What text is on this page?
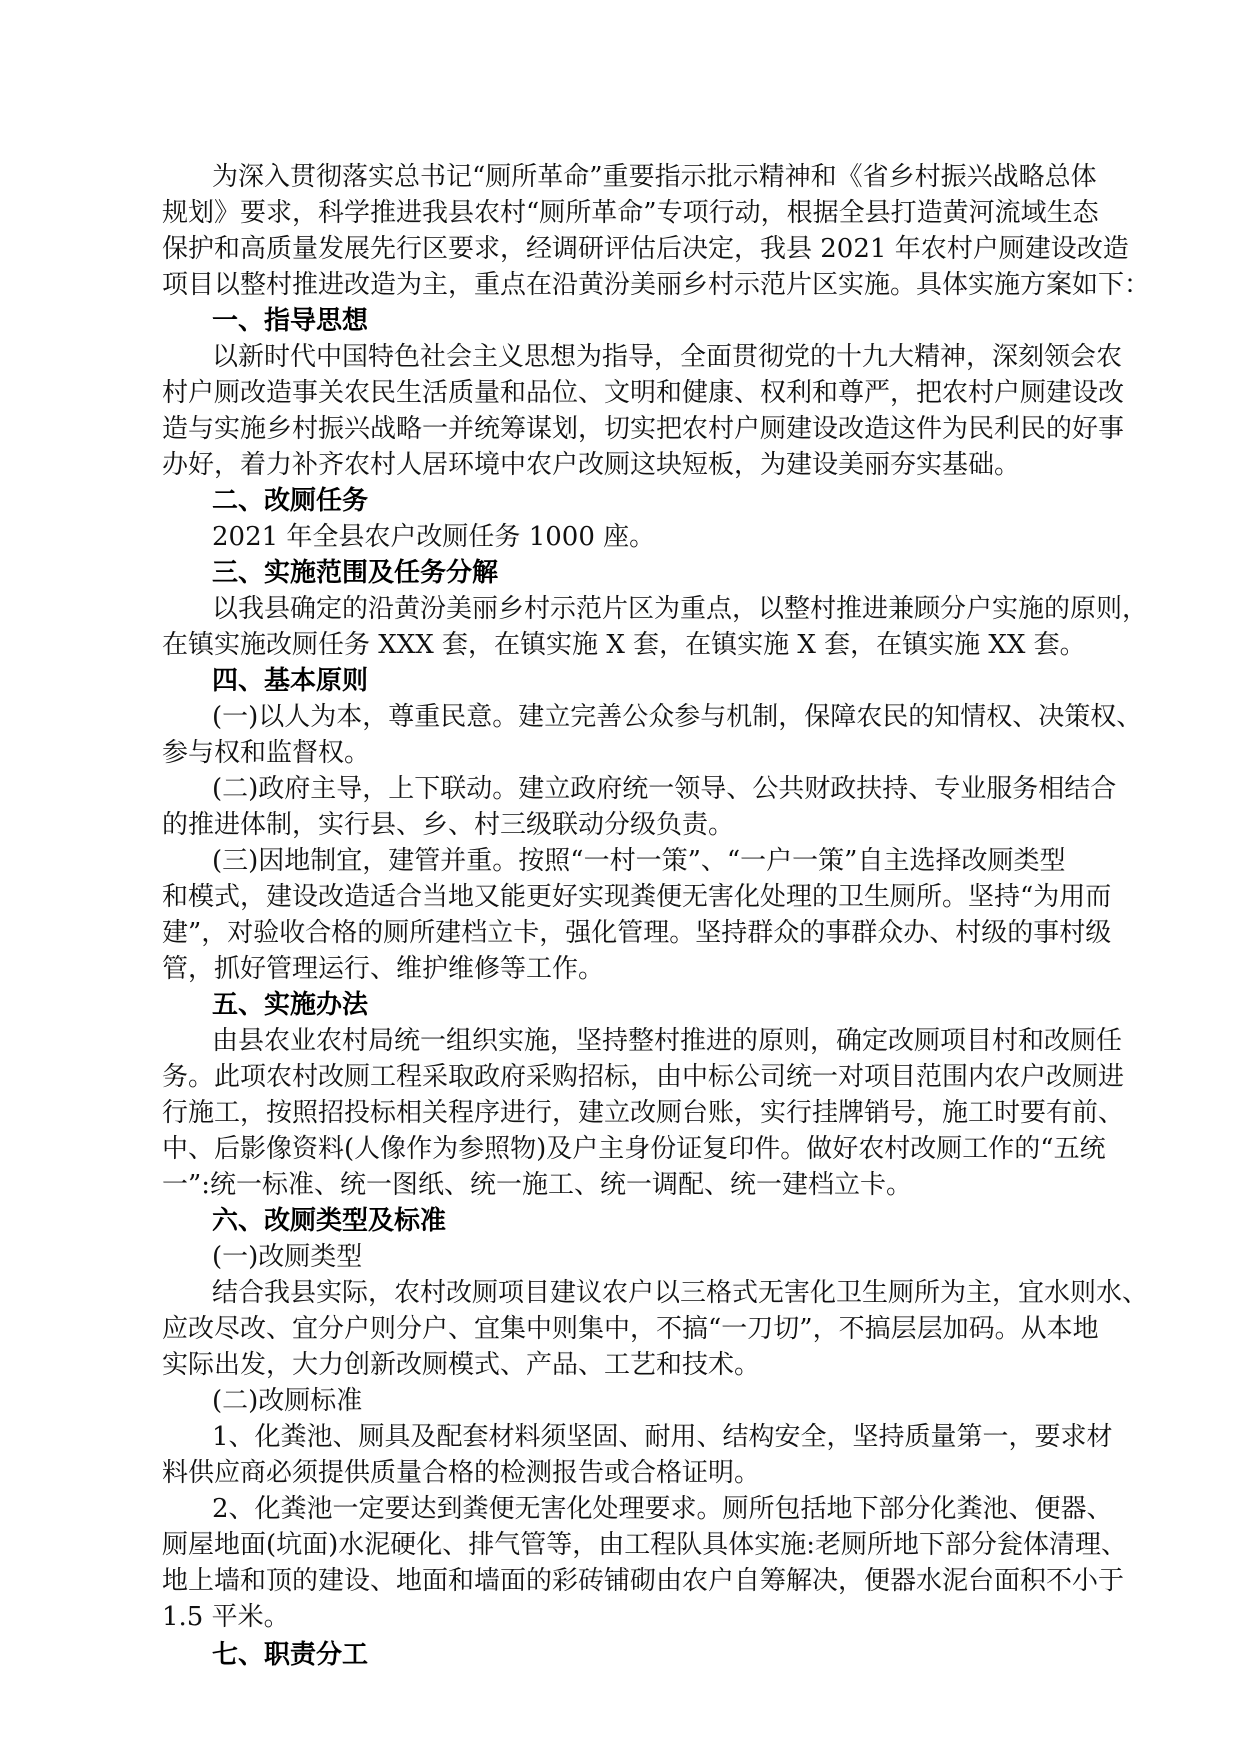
为深入贯彻落实总书记“厕所革命”重要指示批示精神和《省乡村振兴战略总体
规划》要求，科学推进我县农村“厕所革命”专项行动，根据全县打造黄河流域生态
保护和高质量发展先行区要求，经调研评估后决定，我县 2021 年农村户厕建设改造
项目以整村推进改造为主，重点在沿黄汾美丽乡村示范片区实施。具体实施方案如下：
一、指导思想
以新时代中国特色社会主义思想为指导，全面贯彻党的十九大精神，深刻领会农
村户厕改造事关农民生活质量和品位、文明和健康、权利和尊严，把农村户厕建设改
造与实施乡村振兴战略一并统筹谋划，切实把农村户厕建设改造这件为民利民的好事
办好，着力补齐农村人居环境中农户改厕这块短板，为建设美丽夯实基础。
二、改厕任务
2021 年全县农户改厕任务 1000 座。
三、实施范围及任务分解
以我县确定的沿黄汾美丽乡村示范片区为重点，以整村推进兼顾分户实施的原则，
在镇实施改厕任务 XXX 套，在镇实施 X 套，在镇实施 X 套，在镇实施 XX 套。
四、基本原则
(一)以人为本，尊重民意。建立完善公众参与机制，保障农民的知情权、决策权、
参与权和监督权。
(二)政府主导，上下联动。建立政府统一领导、公共财政扶持、专业服务相结合
的推进体制，实行县、乡、村三级联动分级负责。
(三)因地制宜，建管并重。按照“一村一策”、“一户一策”自主选择改厕类型
和模式，建设改造适合当地又能更好实现粪便无害化处理的卫生厕所。坚持“为用而
建”，对验收合格的厕所建档立卡，强化管理。坚持群众的事群众办、村级的事村级
管，抓好管理运行、维护维修等工作。
五、实施办法
由县农业农村局统一组织实施，坚持整村推进的原则，确定改厕项目村和改厕任
务。此项农村改厕工程采取政府采购招标，由中标公司统一对项目范围内农户改厕进
行施工，按照招投标相关程序进行，建立改厕台账，实行挂牌销号，施工时要有前、
中、后影像资料(人像作为参照物)及户主身份证复印件。做好农村改厕工作的“五统
一”:统一标准、统一图纸、统一施工、统一调配、统一建档立卡。
六、改厕类型及标准
(一)改厕类型
结合我县实际，农村改厕项目建议农户以三格式无害化卫生厕所为主，宜水则水、
应改尽改、宜分户则分户、宜集中则集中，不搞“一刀切”，不搞层层加码。从本地
实际出发，大力创新改厕模式、产品、工艺和技术。
(二)改厕标准
1、化粪池、厕具及配套材料须坚固、耐用、结构安全，坚持质量第一，要求材
料供应商必须提供质量合格的检测报告或合格证明。
2、化粪池一定要达到粪便无害化处理要求。厕所包括地下部分化粪池、便器、
厕屋地面(坑面)水泥硬化、排气管等，由工程队具体实施:老厕所地下部分瓮体清理、
地上墙和顶的建设、地面和墙面的彩砖铺砌由农户自筹解决，便器水泥台面积不小于
1.5 平米。
七、职责分工
